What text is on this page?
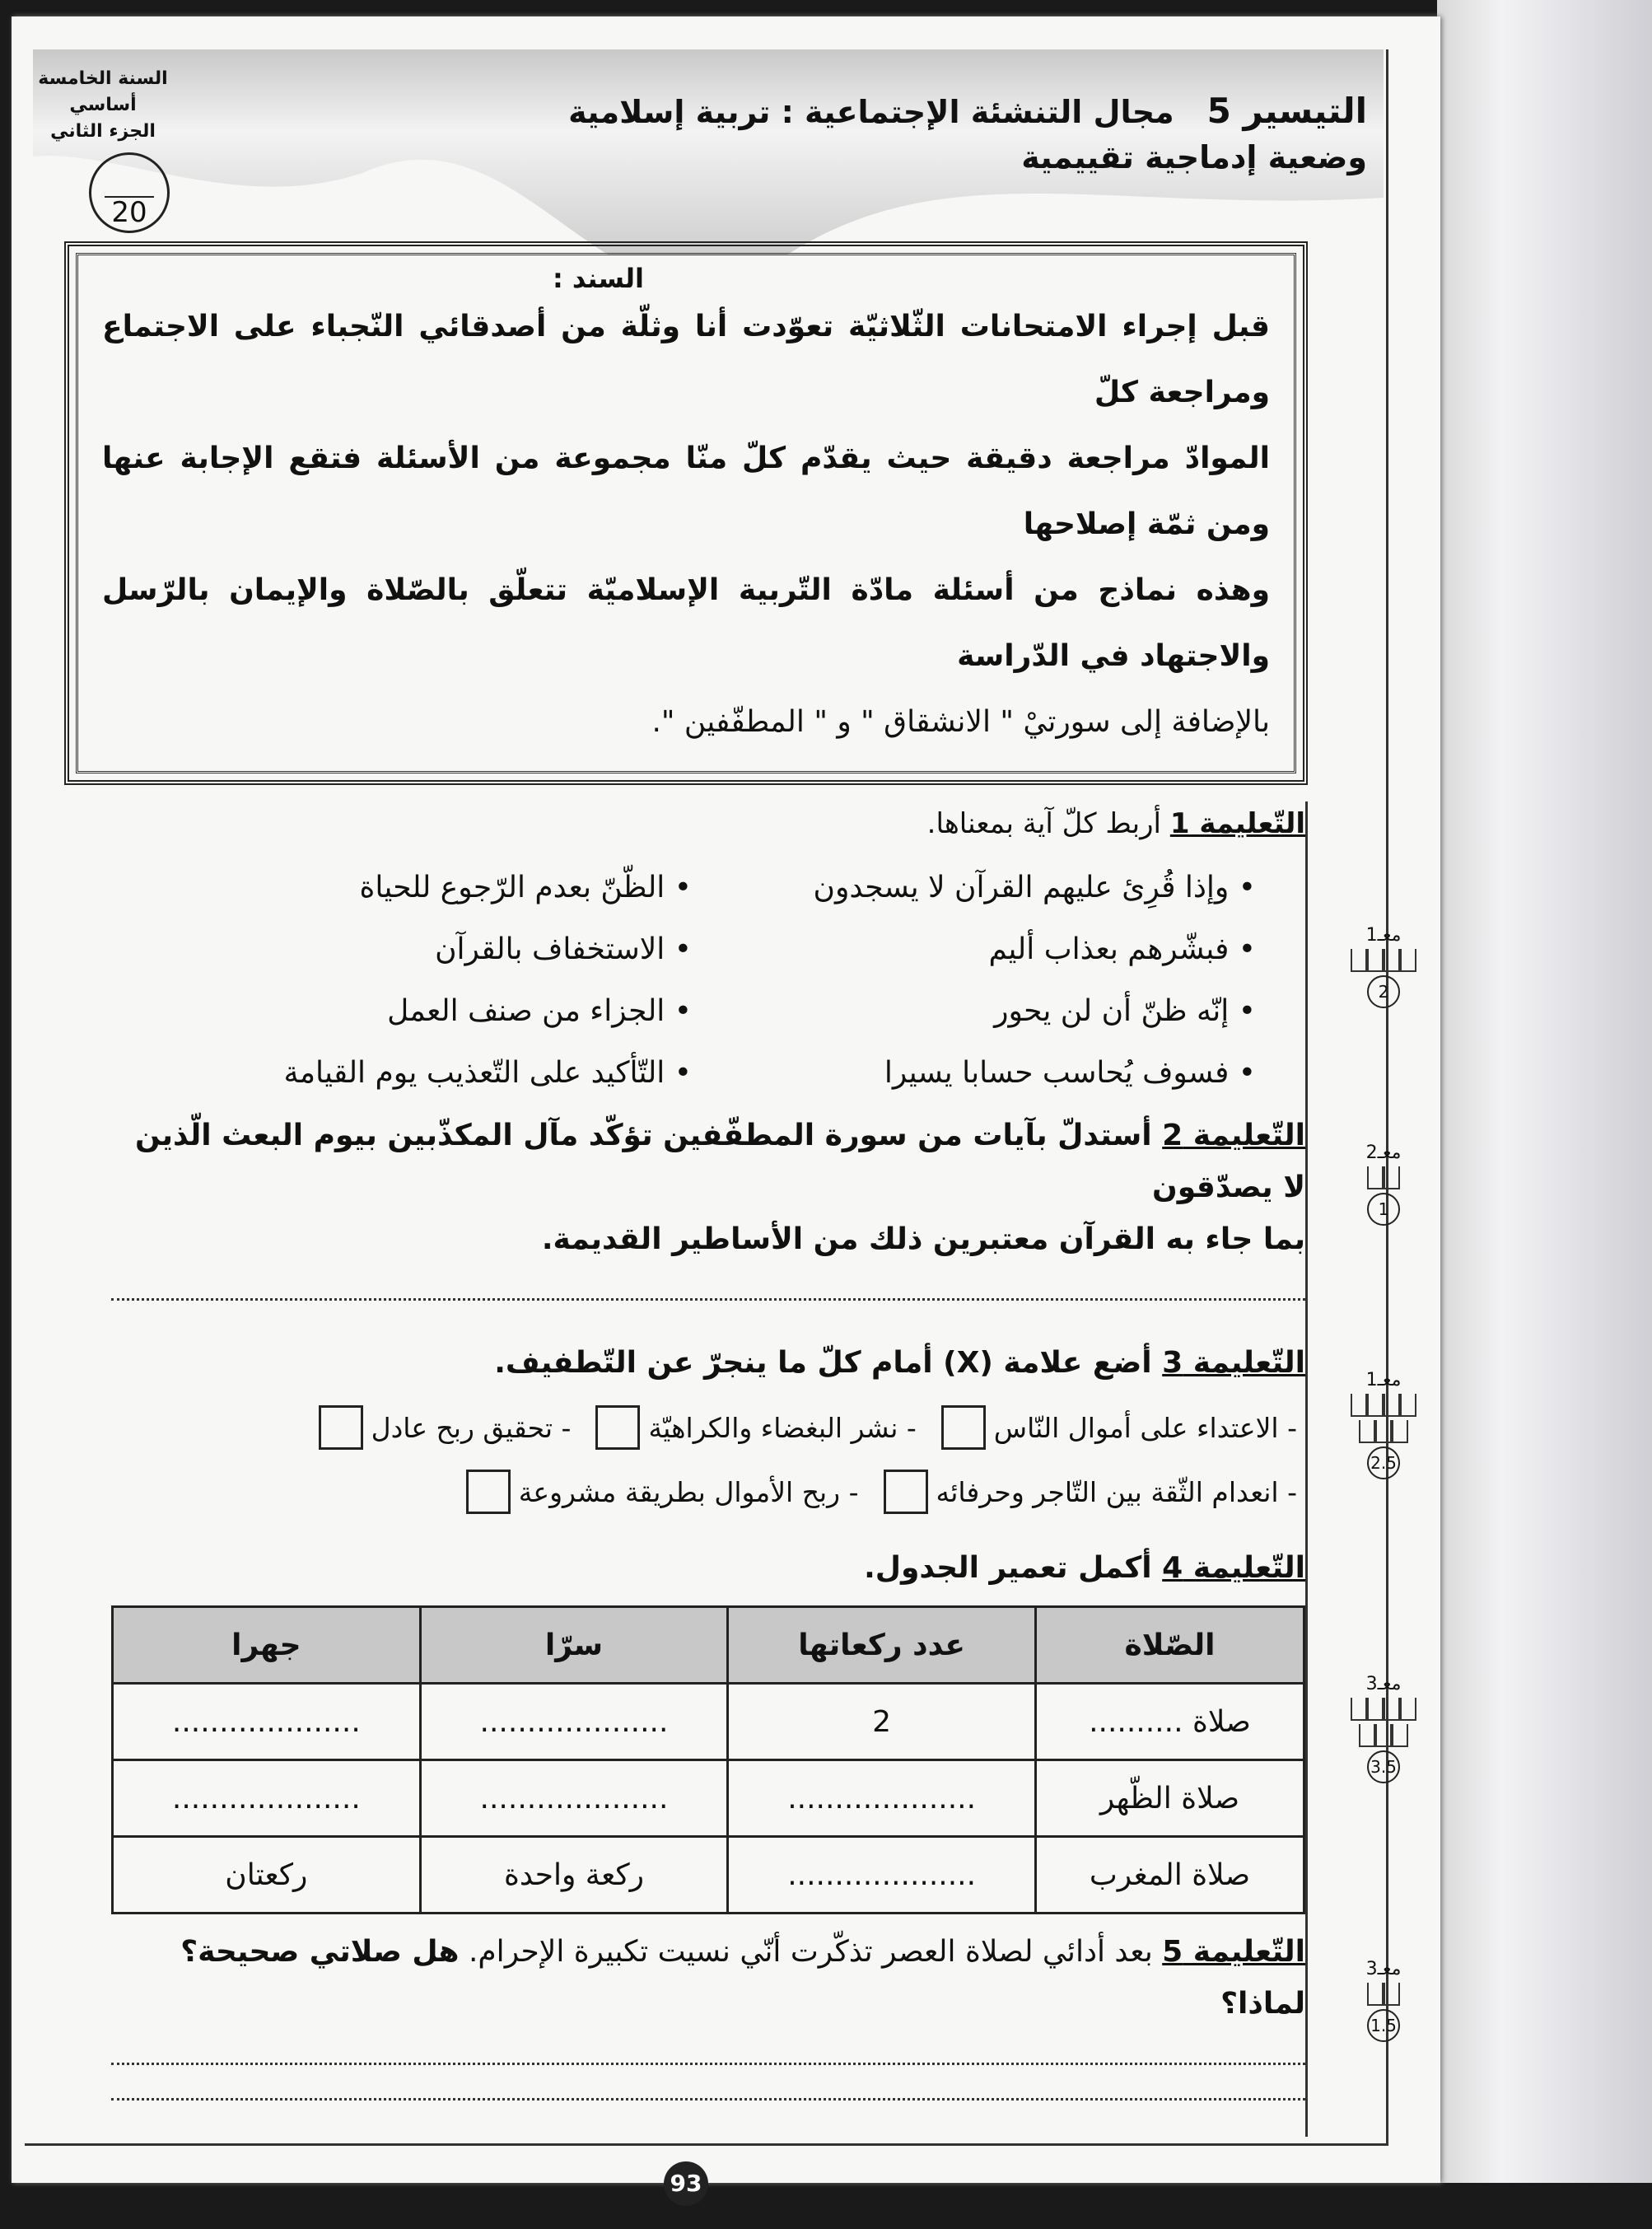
التيسير 5
مجال التنشئة الإجتماعية : تربية إسلامية
وضعية إدماجية تقييمية
السنة الخامسة أساسي
الجزء الثاني
20
السند :
قبل إجراء الامتحانات الثّلاثيّة تعوّدت أنا وثلّة من أصدقائي النّجباء على الاجتماع ومراجعة كلّ
الموادّ مراجعة دقيقة حيث يقدّم كلّ منّا مجموعة من الأسئلة فتقع الإجابة عنها ومن ثمّة إصلاحها
وهذه نماذج من أسئلة مادّة التّربية الإسلاميّة تتعلّق بالصّلاة والإيمان بالرّسل والاجتهاد في الدّراسة
بالإضافة إلى سورتيْ " الانشقاق " و " المطفّفين ".
التّعليمة 1 أربط كلّ آية بمعناها.
• وإذا قُرِئ عليهم القرآن لا يسجدون
• الظّنّ بعدم الرّجوع للحياة
• فبشّرهم بعذاب أليم
• الاستخفاف بالقرآن
• إنّه ظنّ أن لن يحور
• الجزاء من صنف العمل
• فسوف يُحاسب حسابا يسيرا
• التّأكيد على التّعذيب يوم القيامة
معـ1
2
التّعليمة 2 أستدلّ بآيات من سورة المطفّفين تؤكّد مآل المكذّبين بيوم البعث الّذين لا يصدّقون
بما جاء به القرآن معتبرين ذلك من الأساطير القديمة.
معـ2
1
التّعليمة 3 أضع علامة (X) أمام كلّ ما ينجرّ عن التّطفيف.
- الاعتداء على أموال النّاس
- نشر البغضاء والكراهيّة
- تحقيق ربح عادل
- انعدام الثّقة بين التّاجر وحرفائه
- ربح الأموال بطريقة مشروعة
معـ1
2.5
التّعليمة 4 أكمل تعمير الجدول.
الصّلاة	عدد ركعاتها	سرّا	جهرا
صلاة ..........	2	....................	....................
صلاة الظّهر	....................	....................	....................
صلاة المغرب	....................	ركعة واحدة	ركعتان
معـ3
3.5
التّعليمة 5 بعد أدائي لصلاة العصر تذكّرت أنّي نسيت تكبيرة الإحرام. هل صلاتي صحيحة؟ لماذا؟
معـ3
1.5
93
